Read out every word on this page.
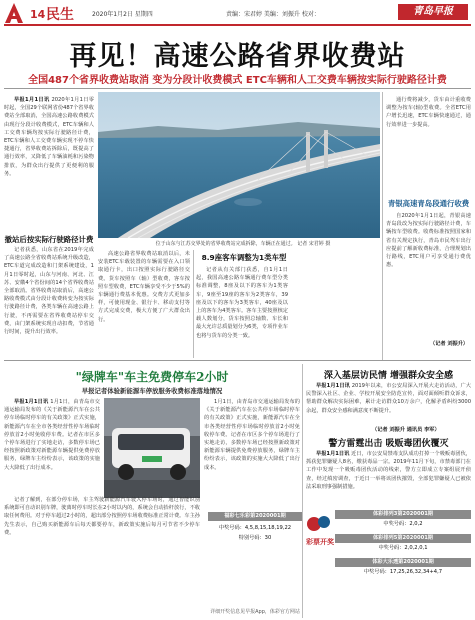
14 民生	2020年1月2日 星期四	责编：宋君婷 美编：刘振升 校对：	青岛早报
再见！高速公路省界收费站
全国487个省界收费站取消 变为分段计收费模式 ETC车辆和人工交费车辆按实际行驶路径计费
早报1月1日讯 2020年1月1日零时起，全国29个联网省份487个省界收费站全部取消，全国高速公路收费模式由现行分段计收费模式，ETC车辆和人工交费车辆均按实际行驶路径计费，ETC车辆和人工交费车辆实现不停车快捷通行，省界收费站拆除后，既提高了通行效率，又降低了车辆油耗和污染物排放，为群众出行提供了更便利的服务。
撤站后按实际行驶路径计费
记者获悉，山东省在2019年完成了高速公路全省收费站系统升级改造，ETC车道完成改造和门架系统建设，1月1日零时起，山东与河南、河北、江苏、安徽4个省份间的14个省界收费站全部取消。省界收费站取消后，高速公路收费模式由分段计收费转变为按实际行驶路径计费，各类车辆在高速公路上行驶，不再需要在省界收费站停车交费，由门架系统实现自动扣费，节省通行时间，提升出行效率。
位于山东与江苏交界处的省界收费站完成拆除，车辆正在通过。 记者 宋君婷 摄
高速公路省界收费站取消以后，未安装ETC车载装置的车辆需要在入口领取通行卡，出口按照实际行驶路径交费。货车按照车（轴）型收费，客车按照车型收费，ETC车辆享受不少于5%的车辆通行费基本优惠。交费方式更加多样，可使用现金、银行卡、移动支付等方式完成交费，极大方便了广大群众出行。
8.9座客车调整为1类车型
记者从有关部门获悉，自1月1日起，我国高速公路车辆通行费车型分类标准调整，8座及以下的客车为1类客车，9座至19座的客车为2类客车，39座及以下的客车为3类客车，40座及以上的客车为4类客车。客车主要按照核定载人数划分，货车按照总轴数、车长和最大允许总质量划分为6类，专项作业车也将与货车的分类一致。
通行费将减少，货车由计重收费调整为按车(轴)型收费。全省ETC用户增长迅速，ETC车辆快速通过，通行效率进一步提高。
青银高速青岛段通行收费
自2020年1月1日起，青银高速青岛段改为按实际行驶路径计费，车辆按车型收费。收费标准按照国家和省有关规定执行，青岛市民驾车出行应提前了解新收费标准，合理规划出行路线，ETC用户可享受通行费优惠。
（记者 刘振升）
"绿牌车"车主免费停车2小时
早报记者体验新能源车停放服务收费标准落地情况
早报1月1日讯 1月1日，由青岛市交通运输局发布的《关于新能源汽车在公共停车场临时停车的有关政策》正式实施，新能源汽车在全市各类经营性停车场临时停放首2小时免收停车费。记者在市区多个停车场进行了实地走访，多数停车场已经按照新政策对新能源车辆提供免费停放服务，绿牌车主纷纷表示，该政策的实施大大降低了出行成本。
记者了解到，在部分停车场，车主驾驶新能源汽车驶入停车场时，通过智能识别系统即可自动识别车牌，驶离时停车时长在2小时以内的，系统会自动抬杆放行，不收取任何费用。对于停车超过2小时的，超出部分按照停车场收费标准正常计费。车主孙先生表示，自己购买新能源车后每天都要停车，新政策实施后每月可节省不少停车费。
1月1日，由青岛市交通运输局发布的《关于新能源汽车在公共停车场临时停车的有关政策》正式实施，新能源汽车在全市各类经营性停车场临时停放首2小时免收停车费。记者在市区多个停车场进行了实地走访，多数停车场已经按照新政策对新能源车辆提供免费停放服务，绿牌车主纷纷表示，该政策的实施大大降低了出行成本。
深入基层访民情 增强群众安全感
早报1月1日讯 2019年以来，市公安局深入开展大走访活动，广大民警深入社区、企业、学校开展安全防范宣传，面对面倾听群众诉求，帮助群众解决实际困难，累计走访群众10万余户，化解矛盾纠纷3000余起，群众安全感和满意度不断提升。
（记者 刘振升 通讯员 李军）
警方雷霆出击 吸贩毒团伙覆灭
早报1月1日讯 近日，市公安局禁毒支队成功打掉一个吸贩毒团伙，抓获犯罪嫌疑人8名，缴获毒品一宗。2019年11月下旬，市禁毒部门在工作中发现一个吸贩毒团伙活动的线索，警方立即成立专案组展开侦查，经过缜密调查，于近日一举将该团伙摧毁，全部犯罪嫌疑人已被依法采取刑事强制措施。
彩票开奖
福彩七乐彩第2020001期
中奖号码：4,5,8,15,18,19,22
特别号码：30
详细开奖信息见早报App，体彩官方网站
体彩排列3第2020001期
中奖号码：2,0,2
体彩排列5第2020001期
中奖号码：2,0,2,0,1
体彩大乐透第2020001期
中奖号码：17,25,26,32,34+4,7
